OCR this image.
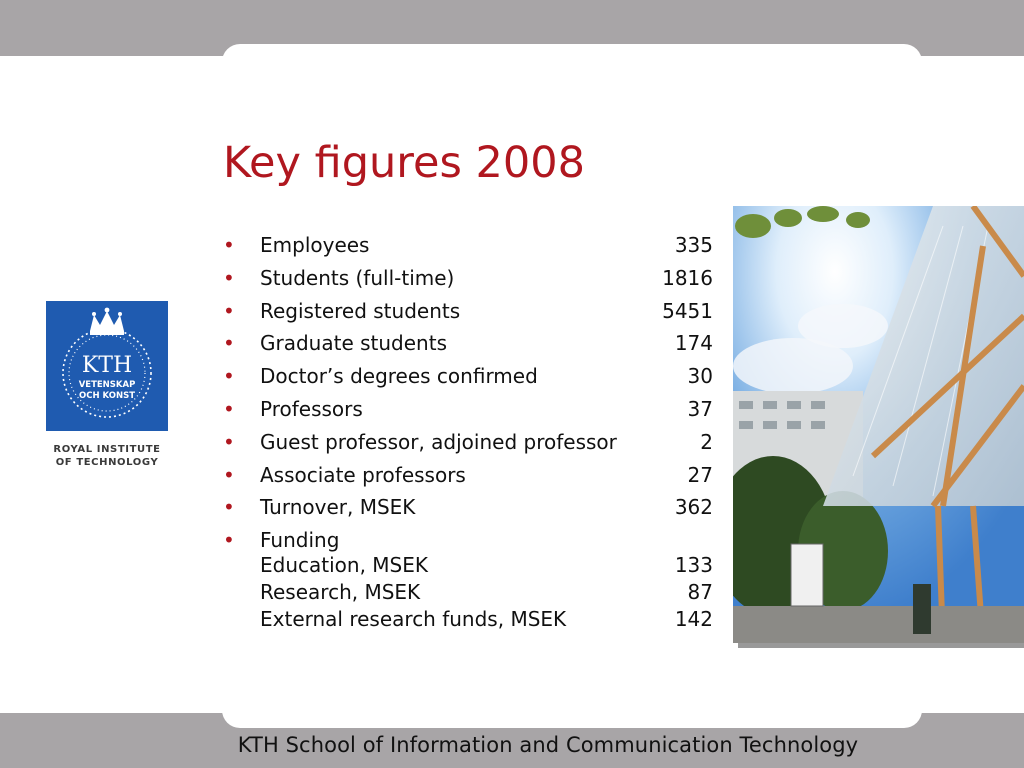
Key figures 2008
• Employees	335
• Students (full-time)	1816
• Registered students	5451
• Graduate students	174
• Doctor’s degrees confirmed	30
• Professors	37
• Guest professor, adjoined professor	2
• Associate professors	27
• Turnover, MSEK	362
• Funding
Education, MSEK	133
Research, MSEK	87
External research funds, MSEK	142
KTH
VETENSKAP
OCH KONST
ROYAL INSTITUTE
OF TECHNOLOGY
KTH School of Information and Communication Technology
